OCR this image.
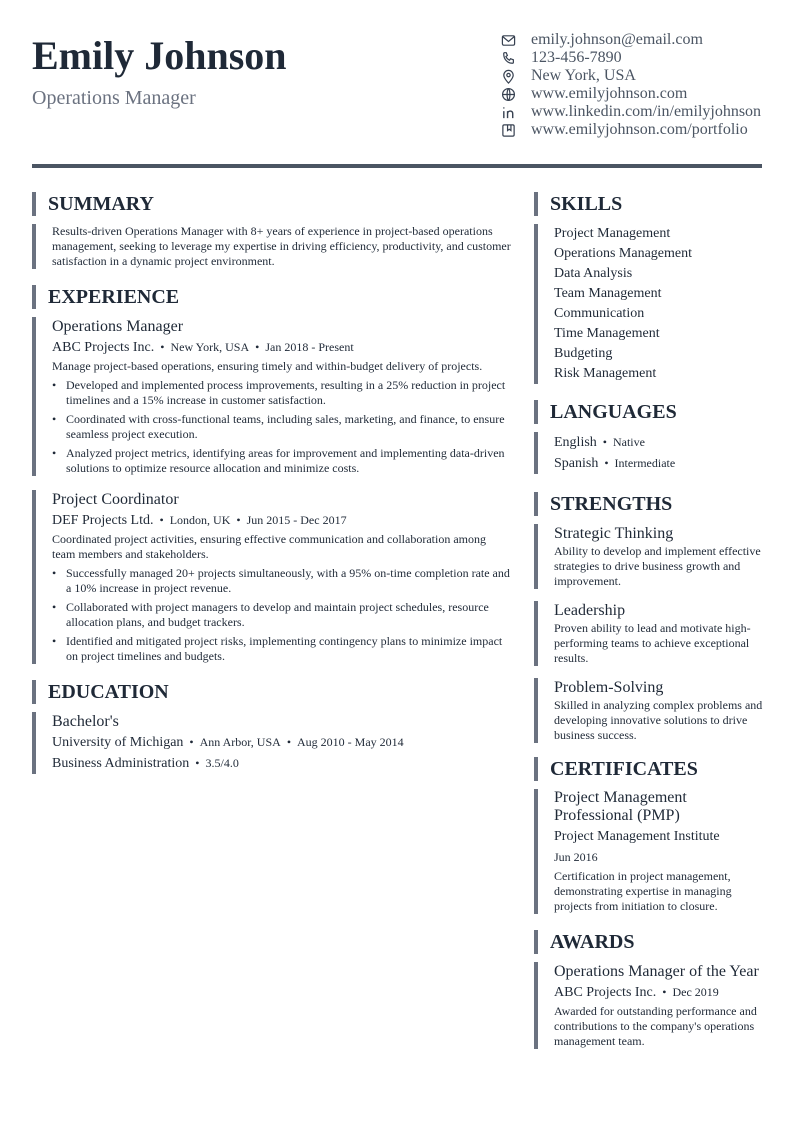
Emily Johnson
Operations Manager
emily.johnson@email.com
123-456-7890
New York, USA
www.emilyjohnson.com
www.linkedin.com/in/emilyjohnson
www.emilyjohnson.com/portfolio
SUMMARY
Results-driven Operations Manager with 8+ years of experience in project-based operations management, seeking to leverage my expertise in driving efficiency, productivity, and customer satisfaction in a dynamic project environment.
EXPERIENCE
Operations Manager
ABC Projects Inc. • New York, USA • Jan 2018 - Present
Manage project-based operations, ensuring timely and within-budget delivery of projects.
• Developed and implemented process improvements, resulting in a 25% reduction in project timelines and a 15% increase in customer satisfaction.
• Coordinated with cross-functional teams, including sales, marketing, and finance, to ensure seamless project execution.
• Analyzed project metrics, identifying areas for improvement and implementing data-driven solutions to optimize resource allocation and minimize costs.
Project Coordinator
DEF Projects Ltd. • London, UK • Jun 2015 - Dec 2017
Coordinated project activities, ensuring effective communication and collaboration among team members and stakeholders.
• Successfully managed 20+ projects simultaneously, with a 95% on-time completion rate and a 10% increase in project revenue.
• Collaborated with project managers to develop and maintain project schedules, resource allocation plans, and budget trackers.
• Identified and mitigated project risks, implementing contingency plans to minimize impact on project timelines and budgets.
EDUCATION
Bachelor's
University of Michigan • Ann Arbor, USA • Aug 2010 - May 2014
Business Administration • 3.5/4.0
SKILLS
Project Management
Operations Management
Data Analysis
Team Management
Communication
Time Management
Budgeting
Risk Management
LANGUAGES
English • Native
Spanish • Intermediate
STRENGTHS
Strategic Thinking
Ability to develop and implement effective strategies to drive business growth and improvement.
Leadership
Proven ability to lead and motivate high-performing teams to achieve exceptional results.
Problem-Solving
Skilled in analyzing complex problems and developing innovative solutions to drive business success.
CERTIFICATES
Project Management Professional (PMP)
Project Management Institute
Jun 2016
Certification in project management, demonstrating expertise in managing projects from initiation to closure.
AWARDS
Operations Manager of the Year
ABC Projects Inc. • Dec 2019
Awarded for outstanding performance and contributions to the company's operations management team.
